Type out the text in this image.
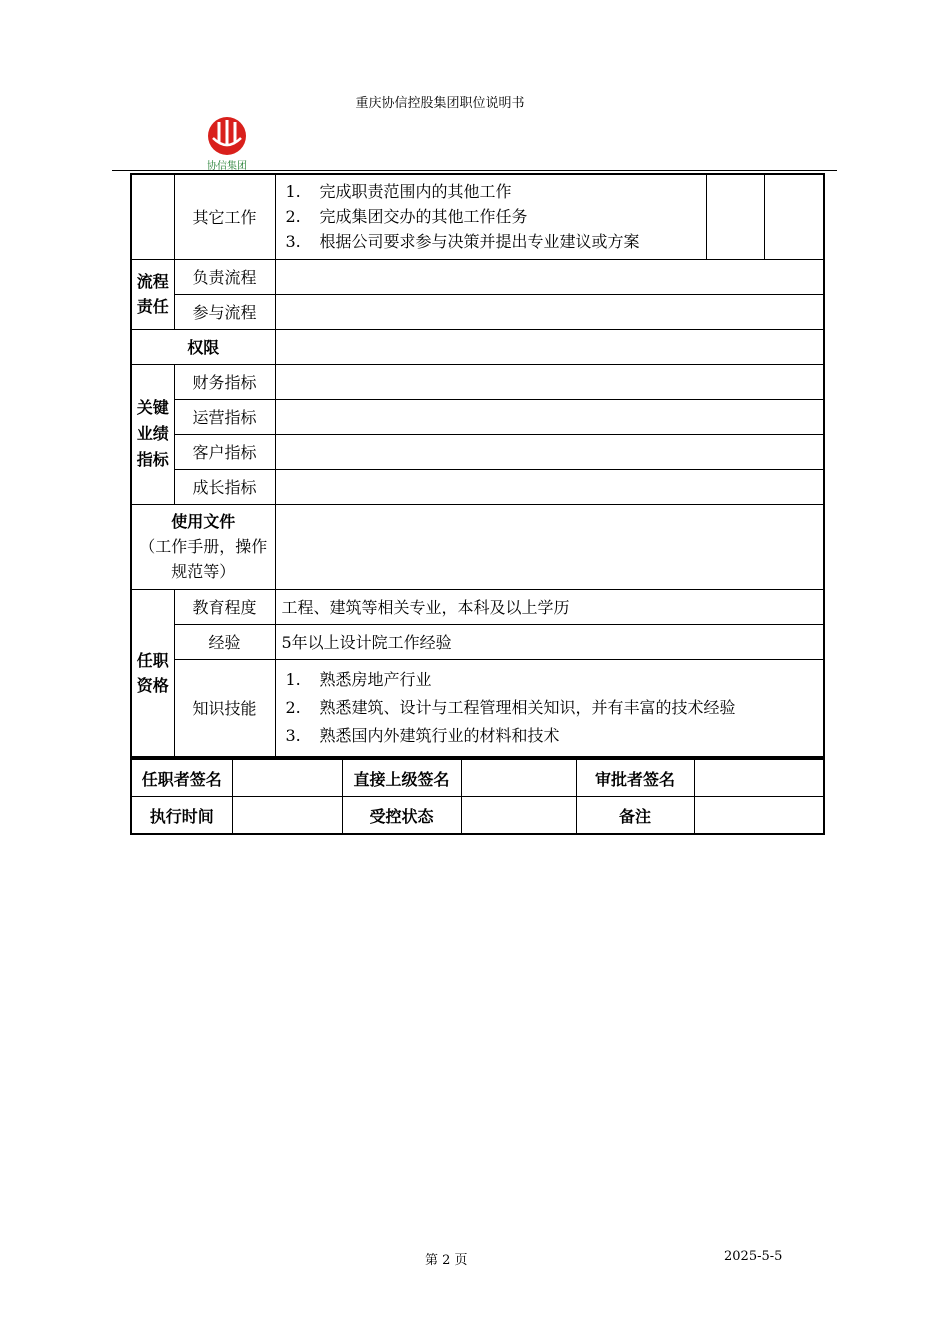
重庆协信控股集团职位说明书
协信集团
	其它工作	1. 完成职责范围内的其他工作
2. 完成集团交办的其他工作任务
3. 根据公司要求参与决策并提出专业建议或方案		

流程责任	负责流程			
	参与流程			
权限				
关键业绩指标	财务指标			
	运营指标			
	客户指标			
	成长指标			

使用文件
（工作手册，操作规范等）				

任职资格	教育程度	工程、建筑等相关专业，本科及以上学历		
	经验	5年以上设计院工作经验		
	知识技能	1. 熟悉房地产行业
2. 熟悉建筑、设计与工程管理相关知识，并有丰富的技术经验
3. 熟悉国内外建筑行业的材料和技术		
任职者签名		直接上级签名		审批者签名	
执行时间		受控状态		备注	
第 2 页	2025-5-5
